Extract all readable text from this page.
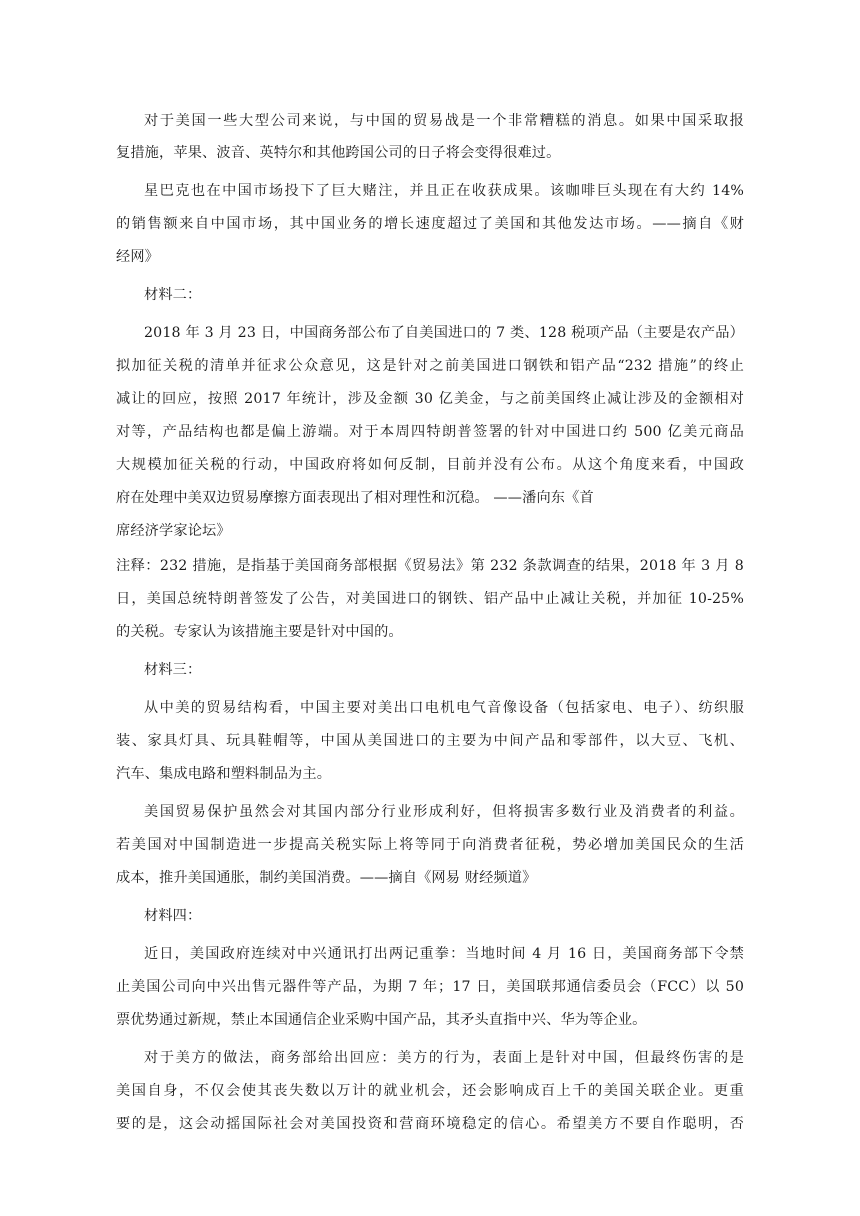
对于美国一些大型公司来说，与中国的贸易战是一个非常糟糕的消息。如果中国采取报
复措施，苹果、波音、英特尔和其他跨国公司的日子将会变得很难过。
星巴克也在中国市场投下了巨大赌注，并且正在收获成果。该咖啡巨头现在有大约 14%
的销售额来自中国市场，其中国业务的增长速度超过了美国和其他发达市场。——摘自《财
经网》
材料二：
2018 年 3 月 23 日，中国商务部公布了自美国进口的 7 类、128 税项产品（主要是农产品）
拟加征关税的清单并征求公众意见，这是针对之前美国进口钢铁和铝产品“232 措施”的终止
减让的回应，按照 2017 年统计，涉及金额 30 亿美金，与之前美国终止减让涉及的金额相对
对等，产品结构也都是偏上游端。对于本周四特朗普签署的针对中国进口约 500 亿美元商品
大规模加征关税的行动，中国政府将如何反制，目前并没有公布。从这个角度来看，中国政
府在处理中美双边贸易摩擦方面表现出了相对理性和沉稳。 ——潘向东《首
席经济学家论坛》
注释：232 措施，是指基于美国商务部根据《贸易法》第 232 条款调查的结果，2018 年 3 月 8
日，美国总统特朗普签发了公告，对美国进口的钢铁、铝产品中止减让关税，并加征 10-25%
的关税。专家认为该措施主要是针对中国的。
材料三：
从中美的贸易结构看，中国主要对美出口电机电气音像设备（包括家电、电子）、纺织服
装、家具灯具、玩具鞋帽等，中国从美国进口的主要为中间产品和零部件，以大豆、飞机、
汽车、集成电路和塑料制品为主。
美国贸易保护虽然会对其国内部分行业形成利好，但将损害多数行业及消费者的利益。
若美国对中国制造进一步提高关税实际上将等同于向消费者征税，势必增加美国民众的生活
成本，推升美国通胀，制约美国消费。——摘自《网易 财经频道》
材料四：
近日，美国政府连续对中兴通讯打出两记重拳：当地时间 4 月 16 日，美国商务部下令禁
止美国公司向中兴出售元器件等产品，为期 7 年；17 日，美国联邦通信委员会（FCC）以 50
票优势通过新规，禁止本国通信企业采购中国产品，其矛头直指中兴、华为等企业。
对于美方的做法，商务部给出回应：美方的行为，表面上是针对中国，但最终伤害的是
美国自身，不仅会使其丧失数以万计的就业机会，还会影响成百上千的美国关联企业。更重
要的是，这会动摇国际社会对美国投资和营商环境稳定的信心。希望美方不要自作聪明，否
